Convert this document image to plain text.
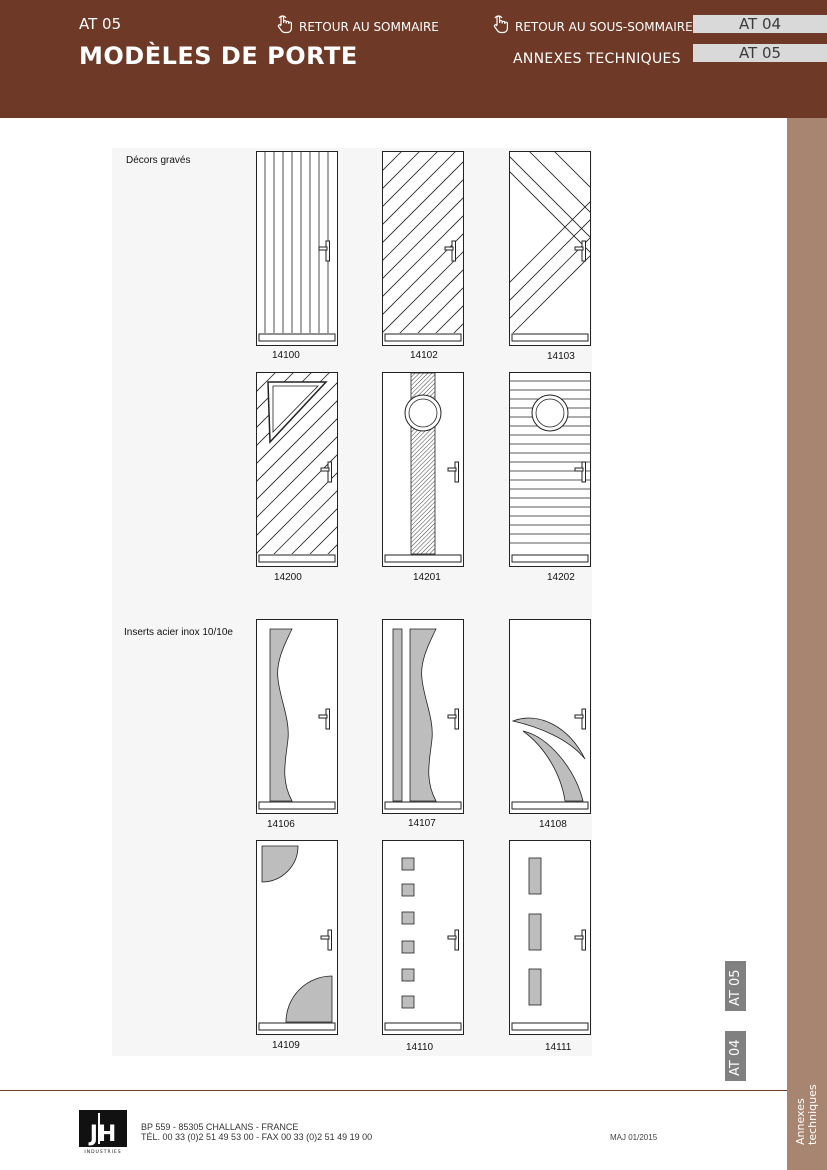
AT 05
MODÈLES DE PORTE
RETOUR AU SOMMAIRE	RETOUR AU SOUS-SOMMAIRE
ANNEXES TECHNIQUES
AT 04
AT 05
Annexes techniques
AT 05
AT 04
Décors gravés
Inserts acier inox 10/10e
14100	14102	14103
14200	14201	14202
14106	14107	14108
14109	14110	14111
JH
INDUSTRIES
BP 559 - 85305 CHALLANS - FRANCE
TÉL. 00 33 (0)2 51 49 53 00 - FAX 00 33 (0)2 51 49 19 00	MAJ 01/2015
